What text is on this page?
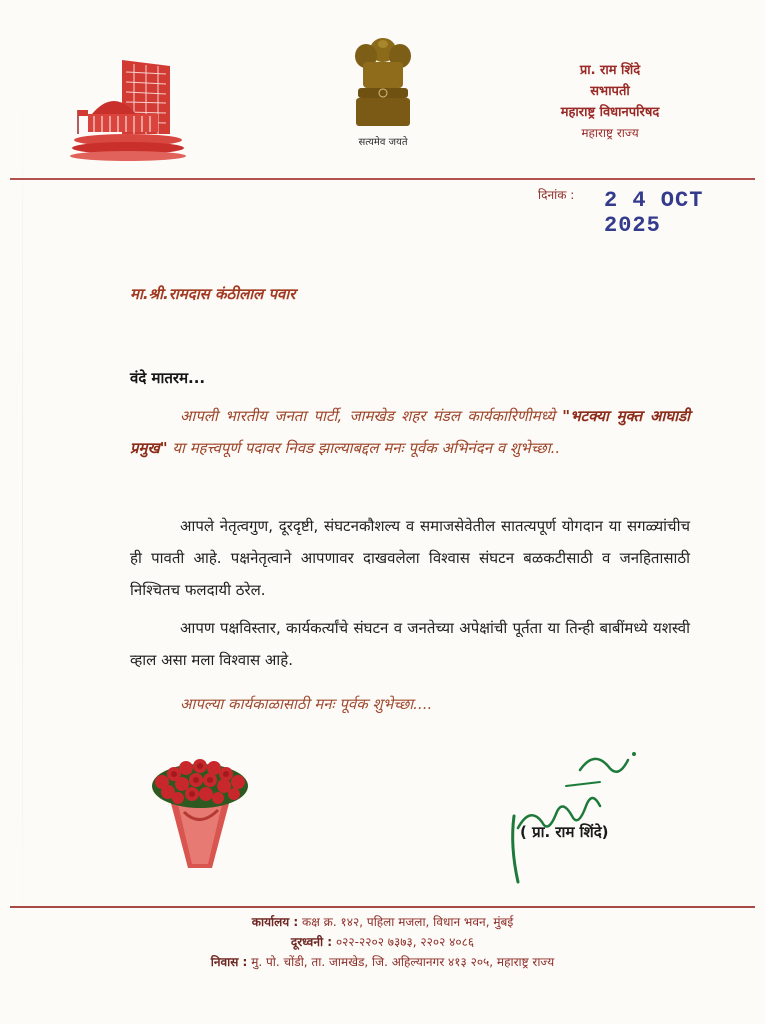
सत्यमेव जयते
प्रा. राम शिंदे
सभापती
महाराष्ट्र विधानपरिषद
महाराष्ट्र राज्य
दिनांक : 2 4 OCT 2025
मा.श्री.रामदास कंठीलाल पवार
वंदे मातरम...

आपली भारतीय जनता पार्टी, जामखेड शहर मंडल कार्यकारिणीमध्ये "भटक्या मुक्त आघाडी प्रमुख" या महत्त्वपूर्ण पदावर निवड झाल्याबद्दल मनः पूर्वक अभिनंदन व शुभेच्छा..

आपले नेतृत्वगुण, दूरदृष्टी, संघटनकौशल्य व समाजसेवेतील सातत्यपूर्ण योगदान या सगळ्यांचीच ही पावती आहे. पक्षनेतृत्वाने आपणावर दाखवलेला विश्वास संघटन बळकटीसाठी व जनहितासाठी निश्चितच फलदायी ठरेल.

आपण पक्षविस्तार, कार्यकर्त्यांचे संघटन व जनतेच्या अपेक्षांची पूर्तता या तिन्ही बाबींमध्ये यशस्वी व्हाल असा मला विश्वास आहे.

आपल्या कार्यकाळासाठी मनः पूर्वक शुभेच्छा....

( प्रा. राम शिंदे)
कार्यालय : कक्ष क्र. १४२, पहिला मजला, विधान भवन, मुंबई
दूरध्वनी : ०२२-२२०२ ७३७३, २२०२ ४०८६
निवास : मु. पो. चोंडी, ता. जामखेड, जि. अहिल्यानगर ४१३ २०५, महाराष्ट्र राज्य
